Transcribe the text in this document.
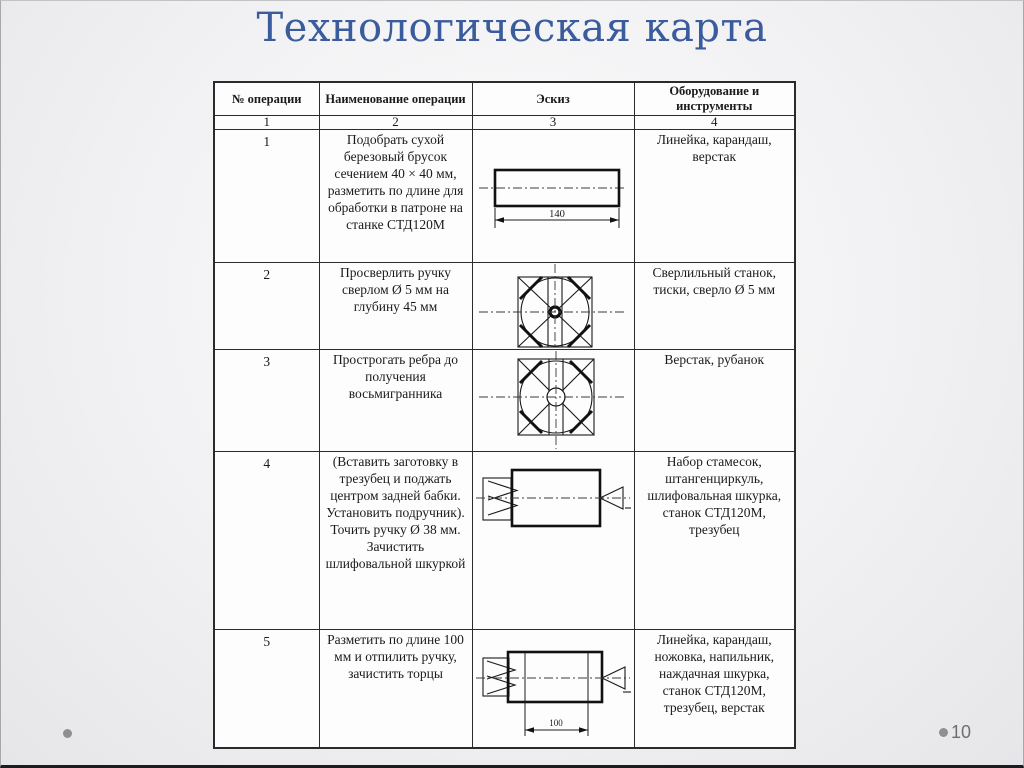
Технологическая карта
№ операции	Наименование операции	Эскиз	Оборудование и инструменты
1	2	3	4
1	Подобрать сухой березовый брусок сечением 40 × 40 мм, разметить по длине для обработки в патроне на станке СТД120М	140	Линейка, карандаш, верстак
2	Просверлить ручку сверлом Ø 5 мм на глубину 45 мм		Сверлильный станок, тиски, сверло Ø 5 мм
3	Прострогать ребра до получения восьмигранника		Верстак, рубанок
4	(Вставить заготовку в трезубец и поджать центром задней бабки. Установить подручник). Точить ручку Ø 38 мм. Зачистить шлифовальной шкуркой		Набор стамесок, штангенциркуль, шлифовальная шкурка, станок СТД120М, трезубец
5	Разметить по длине 100 мм и отпилить ручку, зачистить торцы	100	Линейка, карандаш, ножовка, напильник, наждачная шкурка, станок СТД120М, трезубец, верстак
10
